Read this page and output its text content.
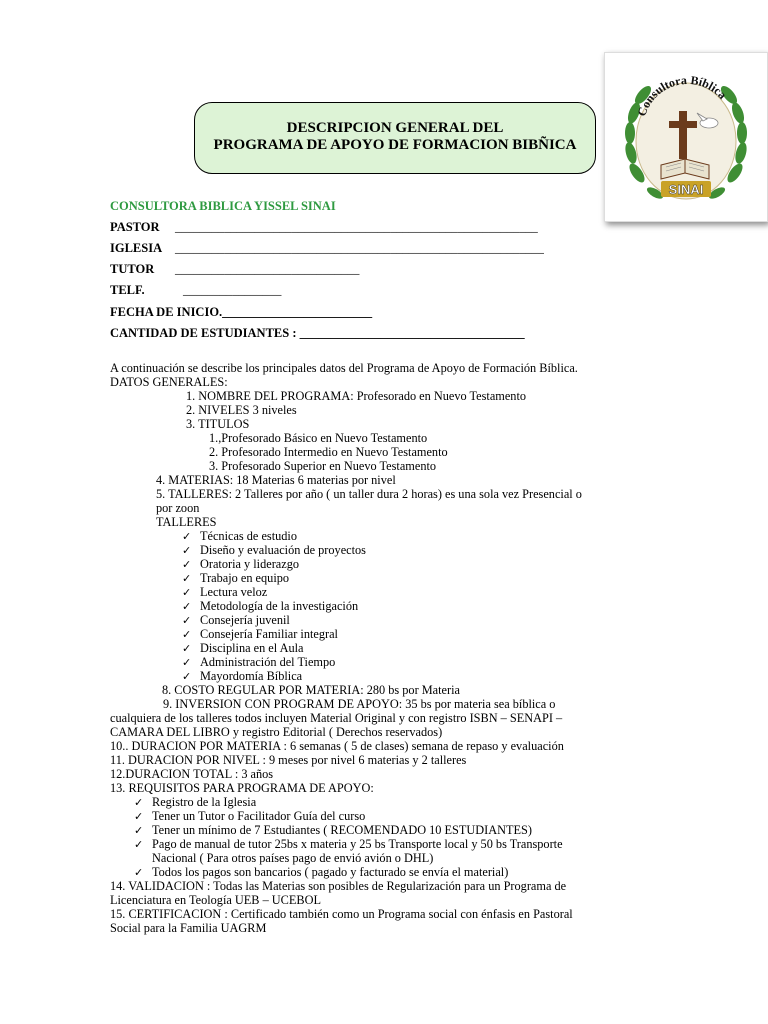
DESCRIPCION GENERAL DEL
PROGRAMA DE APOYO DE FORMACION BIBÑICA
Consultora Bíblica
SINAI
CONSULTORA BIBLICA YISSEL SINAI
PASTOR ___________________________________________________________
IGLESIA ____________________________________________________________
TUTOR ______________________________
TELF.	________________
FECHA DE INICIO.________________________
CANTIDAD DE ESTUDIANTES : ____________________________________
A continuación se describe los principales datos del Programa de Apoyo de Formación Bíblica.
DATOS GENERALES:
1. NOMBRE DEL PROGRAMA: Profesorado en Nuevo Testamento
2. NIVELES 3 niveles
3. TITULOS
1.,Profesorado Básico en Nuevo Testamento
2. Profesorado Intermedio en Nuevo Testamento
3. Profesorado Superior en Nuevo Testamento
4. MATERIAS: 18 Materias 6 materias por nivel
5. TALLERES: 2 Talleres por año ( un taller dura 2 horas) es una sola vez Presencial o
por zoon
TALLERES
✓ Técnicas de estudio
✓ Diseño y evaluación de proyectos
✓ Oratoria y liderazgo
✓ Trabajo en equipo
✓ Lectura veloz
✓ Metodología de la investigación
✓ Consejería juvenil
✓ Consejería Familiar integral
✓ Disciplina en el Aula
✓ Administración del Tiempo
✓ Mayordomía Bíblica
8. COSTO REGULAR POR MATERIA: 280 bs por Materia
9. INVERSION CON PROGRAM DE APOYO: 35 bs por materia sea bíblica o
cualquiera de los talleres todos incluyen Material Original y con registro ISBN – SENAPI –
CAMARA DEL LIBRO y registro Editorial ( Derechos reservados)
10.. DURACION POR MATERIA : 6 semanas ( 5 de clases) semana de repaso y evaluación
11. DURACION POR NIVEL : 9 meses por nivel 6 materias y 2 talleres
12.DURACION TOTAL : 3 años
13. REQUISITOS PARA PROGRAMA DE APOYO:
✓ Registro de la Iglesia
✓ Tener un Tutor o Facilitador Guía del curso
✓ Tener un mínimo de 7 Estudiantes ( RECOMENDADO 10 ESTUDIANTES)
✓ Pago de manual de tutor 25bs x materia y 25 bs Transporte local y 50 bs Transporte
Nacional ( Para otros países pago de envió avión o DHL)
✓ Todos los pagos son bancarios ( pagado y facturado se envía el material)
14. VALIDACION : Todas las Materias son posibles de Regularización para un Programa de
Licenciatura en Teología UEB – UCEBOL
15. CERTIFICACION : Certificado también como un Programa social con énfasis en Pastoral
Social para la Familia UAGRM
